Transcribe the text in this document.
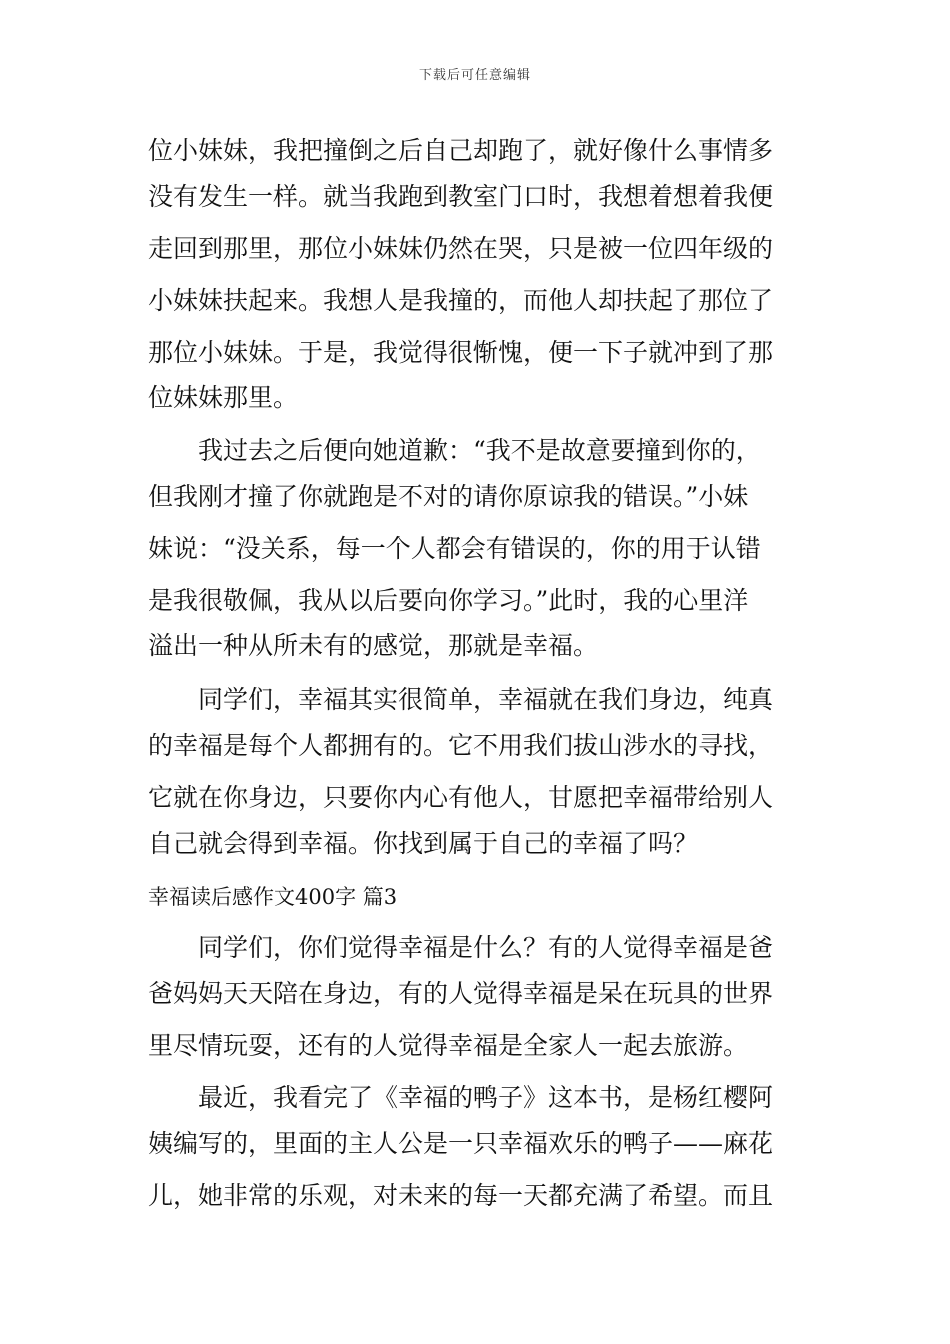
下载后可任意编辑
位小妹妹，我把撞倒之后自己却跑了，就好像什么事情多
没有发生一样。就当我跑到教室门口时，我想着想着我便
走回到那里，那位小妹妹仍然在哭，只是被一位四年级的
小妹妹扶起来。我想人是我撞的，而他人却扶起了那位了
那位小妹妹。于是，我觉得很惭愧，便一下子就冲到了那
位妹妹那里。
我过去之后便向她道歉：“我不是故意要撞到你的，
但我刚才撞了你就跑是不对的请你原谅我的错误。”小妹
妹说：“没关系，每一个人都会有错误的，你的用于认错
是我很敬佩，我从以后要向你学习。”此时，我的心里洋
溢出一种从所未有的感觉，那就是幸福。
同学们，幸福其实很简单，幸福就在我们身边，纯真
的幸福是每个人都拥有的。它不用我们拔山涉水的寻找，
它就在你身边，只要你内心有他人，甘愿把幸福带给别人
自己就会得到幸福。你找到属于自己的幸福了吗？
幸福读后感作文400字 篇3
同学们，你们觉得幸福是什么？有的人觉得幸福是爸
爸妈妈天天陪在身边，有的人觉得幸福是呆在玩具的世界
里尽情玩耍，还有的人觉得幸福是全家人一起去旅游。
最近，我看完了《幸福的鸭子》这本书，是杨红樱阿
姨编写的，里面的主人公是一只幸福欢乐的鸭子——麻花
儿，她非常的乐观，对未来的每一天都充满了希望。而且
